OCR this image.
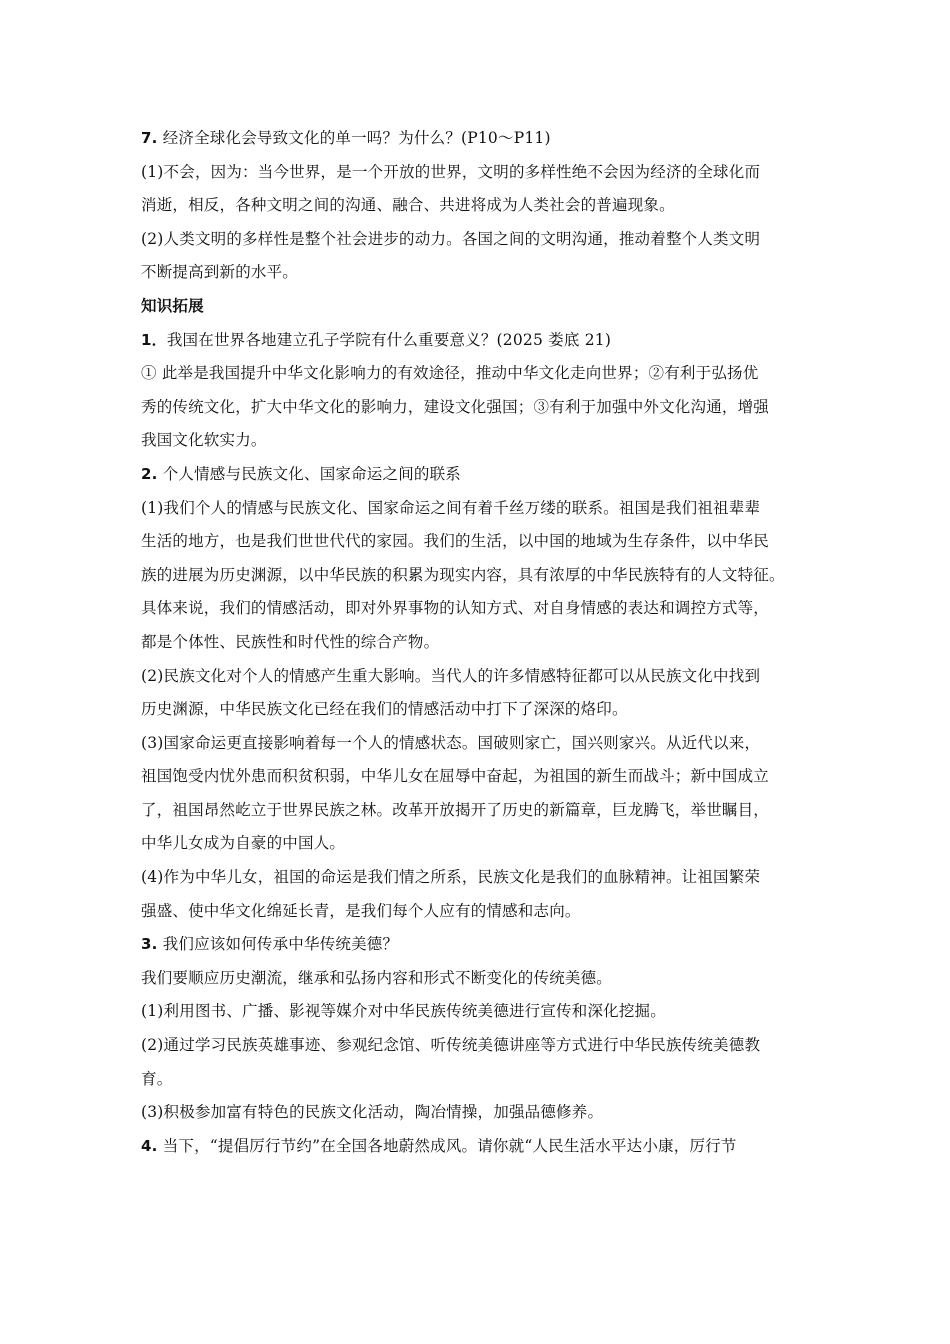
7. 经济全球化会导致文化的单一吗？为什么？(P10～P11)
(1)不会，因为：当今世界，是一个开放的世界，文明的多样性绝不会因为经济的全球化而
消逝，相反，各种文明之间的沟通、融合、共进将成为人类社会的普遍现象。
(2)人类文明的多样性是整个社会进步的动力。各国之间的文明沟通，推动着整个人类文明
不断提高到新的水平。
知识拓展
1．我国在世界各地建立孔子学院有什么重要意义？(2025 娄底 21)
① 此举是我国提升中华文化影响力的有效途径，推动中华文化走向世界；②有利于弘扬优
秀的传统文化，扩大中华文化的影响力，建设文化强国；③有利于加强中外文化沟通，增强
我国文化软实力。
2. 个人情感与民族文化、国家命运之间的联系
(1)我们个人的情感与民族文化、国家命运之间有着千丝万缕的联系。祖国是我们祖祖辈辈
生活的地方，也是我们世世代代的家园。我们的生活，以中国的地域为生存条件，以中华民
族的进展为历史渊源，以中华民族的积累为现实内容，具有浓厚的中华民族特有的人文特征。
具体来说，我们的情感活动，即对外界事物的认知方式、对自身情感的表达和调控方式等，
都是个体性、民族性和时代性的综合产物。
(2)民族文化对个人的情感产生重大影响。当代人的许多情感特征都可以从民族文化中找到
历史渊源，中华民族文化已经在我们的情感活动中打下了深深的烙印。
(3)国家命运更直接影响着每一个人的情感状态。国破则家亡，国兴则家兴。从近代以来，
祖国饱受内忧外患而积贫积弱，中华儿女在屈辱中奋起，为祖国的新生而战斗；新中国成立
了，祖国昂然屹立于世界民族之林。改革开放揭开了历史的新篇章，巨龙腾飞，举世瞩目，
中华儿女成为自豪的中国人。
(4)作为中华儿女，祖国的命运是我们情之所系，民族文化是我们的血脉精神。让祖国繁荣
强盛、使中华文化绵延长青，是我们每个人应有的情感和志向。
3. 我们应该如何传承中华传统美德？
我们要顺应历史潮流，继承和弘扬内容和形式不断变化的传统美德。
(1)利用图书、广播、影视等媒介对中华民族传统美德进行宣传和深化挖掘。
(2)通过学习民族英雄事迹、参观纪念馆、听传统美德讲座等方式进行中华民族传统美德教
育。
(3)积极参加富有特色的民族文化活动，陶冶情操，加强品德修养。
4. 当下，“提倡厉行节约”在全国各地蔚然成风。请你就“人民生活水平达小康，厉行节
